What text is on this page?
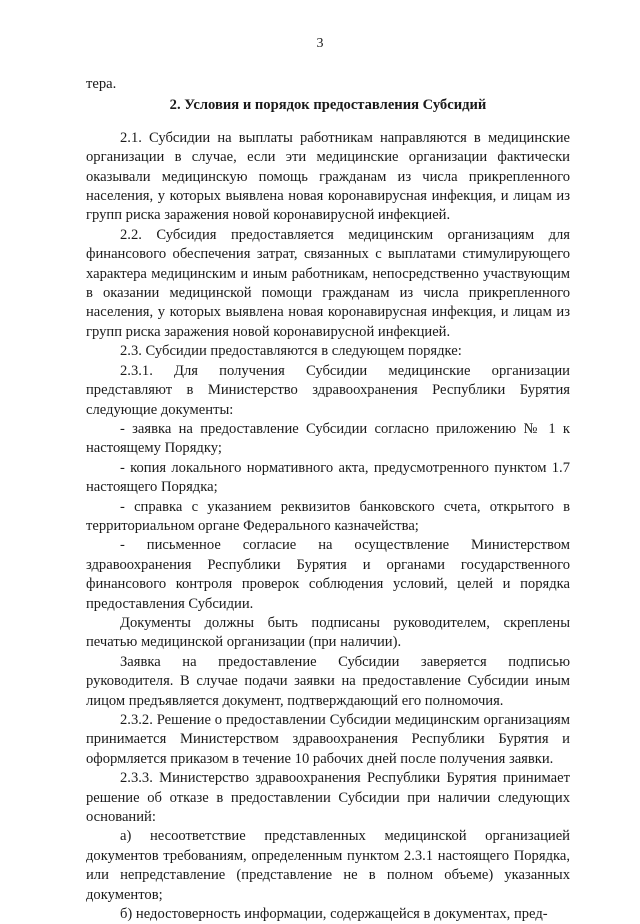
3

тера.

2. Условия и порядок предоставления Субсидий

2.1. Субсидии на выплаты работникам направляются в медицинские организации в случае, если эти медицинские организации фактически оказывали медицинскую помощь гражданам из числа прикрепленного населения, у которых выявлена новая коронавирусная инфекция, и лицам из групп риска заражения новой коронавирусной инфекцией.

2.2. Субсидия предоставляется медицинским организациям для финансового обеспечения затрат, связанных с выплатами стимулирующего характера медицинским и иным работникам, непосредственно участвующим в оказании медицинской помощи гражданам из числа прикрепленного населения, у которых выявлена новая коронавирусная инфекция, и лицам из групп риска заражения новой коронавирусной инфекцией.

2.3. Субсидии предоставляются в следующем порядке:

2.3.1. Для получения Субсидии медицинские организации представляют в Министерство здравоохранения Республики Бурятия следующие документы:

- заявка на предоставление Субсидии согласно приложению № 1 к настоящему Порядку;

- копия локального нормативного акта, предусмотренного пунктом 1.7 настоящего Порядка;

- справка с указанием реквизитов банковского счета, открытого в территориальном органе Федерального казначейства;

- письменное согласие на осуществление Министерством здравоохранения Республики Бурятия и органами государственного финансового контроля проверок соблюдения условий, целей и порядка предоставления Субсидии.

Документы должны быть подписаны руководителем, скреплены печатью медицинской организации (при наличии).

Заявка на предоставление Субсидии заверяется подписью руководителя. В случае подачи заявки на предоставление Субсидии иным лицом предъявляется документ, подтверждающий его полномочия.

2.3.2. Решение о предоставлении Субсидии медицинским организациям принимается Министерством здравоохранения Республики Бурятия и оформляется приказом в течение 10 рабочих дней после получения заявки.

2.3.3. Министерство здравоохранения Республики Бурятия принимает решение об отказе в предоставлении Субсидии при наличии следующих оснований:

а) несоответствие представленных медицинской организацией документов требованиям, определенным пунктом 2.3.1 настоящего Порядка, или непредставление (представление не в полном объеме) указанных документов;

б) недостоверность информации, содержащейся в документах, пред-
